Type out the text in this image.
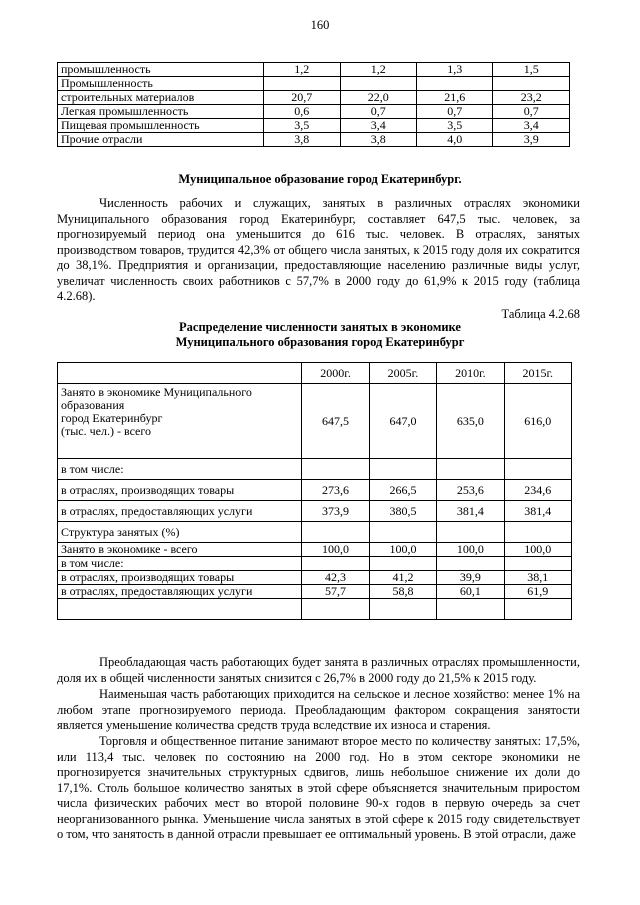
160
промышленность	1,2	1,2	1,3	1,5
Промышленность				
строительных материалов	20,7	22,0	21,6	23,2
Легкая промышленность	0,6	0,7	0,7	0,7
Пищевая промышленность	3,5	3,4	3,5	3,4
Прочие отрасли	3,8	3,8	4,0	3,9
Муниципальное образование город Екатеринбург.

Численность рабочих и служащих, занятых в различных отраслях экономики Муниципального образования город Екатеринбург, составляет 647,5 тыс. человек, за прогнозируемый период она уменьшится до 616 тыс. человек. В отраслях, занятых производством товаров, трудится 42,3% от общего числа занятых, к 2015 году доля их сократится до 38,1%. Предприятия и организации, предоставляющие населению различные виды услуг, увеличат численность своих работников с 57,7% в 2000 году до 61,9% к 2015 году (таблица 4.2.68).

Таблица 4.2.68
Распределение численности занятых в экономике
Муниципального образования город Екатеринбург
	2000г.	2005г.	2010г.	2015г.

Занято в экономике Муниципального
образования
город Екатеринбург
(тыс. чел.) - всего	647,5	647,0	635,0	616,0
в том числе:				
в отраслях, производящих товары	273,6	266,5	253,6	234,6
в отраслях, предоставляющих услуги	373,9	380,5	381,4	381,4
Структура занятых (%)				
Занято в экономике - всего	100,0	100,0	100,0	100,0
в том числе:				
в отраслях, производящих товары	42,3	41,2	39,9	38,1
в отраслях, предоставляющих услуги	57,7	58,8	60,1	61,9

Преобладающая часть работающих будет занята в различных отраслях промышленности, доля их в общей численности занятых снизится с 26,7% в 2000 году до 21,5% к 2015 году.

Наименьшая часть работающих приходится на сельское и лесное хозяйство: менее 1% на любом этапе прогнозируемого периода. Преобладающим фактором сокращения занятости является уменьшение количества средств труда вследствие их износа и старения.

Торговля и общественное питание занимают второе место по количеству занятых: 17,5%, или 113,4 тыс. человек по состоянию на 2000 год. Но в этом секторе экономики не прогнозируется значительных структурных сдвигов, лишь небольшое снижение их доли до 17,1%. Столь большое количество занятых в этой сфере объясняется значительным приростом числа физических рабочих мест во второй половине 90-х годов в первую очередь за счет неорганизованного рынка. Уменьшение числа занятых в этой сфере к 2015 году свидетельствует о том, что занятость в данной отрасли превышает ее оптимальный уровень. В этой отрасли, даже
